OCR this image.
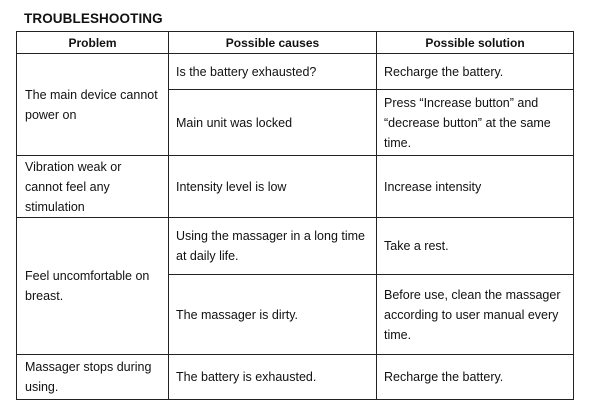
TROUBLESHOOTING
Problem	Possible causes	Possible solution
The main device cannot power on	Is the battery exhausted?	Recharge the battery.
	Main unit was locked	Press “Increase button” and “decrease button” at the same time.
Vibration weak or cannot feel any stimulation	Intensity level is low	Increase intensity
Feel uncomfortable on breast.	Using the massager in a long time at daily life.	Take a rest.
	The massager is dirty.	Before use, clean the massager according to user manual every time.
Massager stops during using.	The battery is exhausted.	Recharge the battery.
